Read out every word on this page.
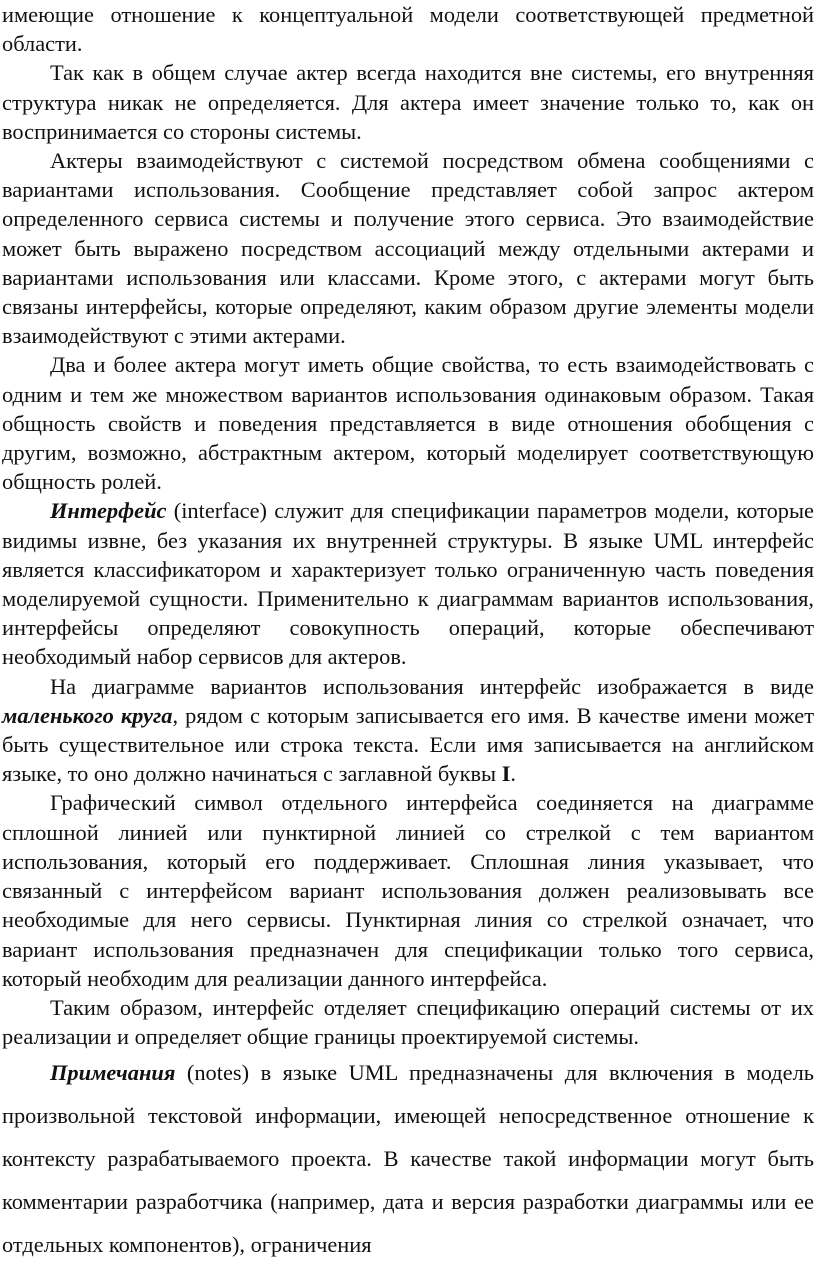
имеющие отношение к концептуальной модели соответствующей предметной области.

Так как в общем случае актер всегда находится вне системы, его внутренняя структура никак не определяется. Для актера имеет значение только то, как он воспринимается со стороны системы.

Актеры взаимодействуют с системой посредством обмена сообщениями с вариантами использования. Сообщение представляет собой запрос актером определенного сервиса системы и получение этого сервиса. Это взаимодействие может быть выражено посредством ассоциаций между отдельными актерами и вариантами использования или классами. Кроме этого, с актерами могут быть связаны интерфейсы, которые определяют, каким образом другие элементы модели взаимодействуют с этими актерами.

Два и более актера могут иметь общие свойства, то есть взаимодействовать с одним и тем же множеством вариантов использования одинаковым образом. Такая общность свойств и поведения представляется в виде отношения обобщения с другим, возможно, абстрактным актером, который моделирует соответствующую общность ролей.

Интерфейс (interface) служит для спецификации параметров модели, которые видимы извне, без указания их внутренней структуры. В языке UML интерфейс является классификатором и характеризует только ограниченную часть поведения моделируемой сущности. Применительно к диаграммам вариантов использования, интерфейсы определяют совокупность операций, которые обеспечивают необходимый набор сервисов для актеров.

На диаграмме вариантов использования интерфейс изображается в виде маленького круга, рядом с которым записывается его имя. В качестве имени может быть существительное или строка текста. Если имя записывается на английском языке, то оно должно начинаться с заглавной буквы I.

Графический символ отдельного интерфейса соединяется на диаграмме сплошной линией или пунктирной линией со стрелкой с тем вариантом использования, который его поддерживает. Сплошная линия указывает, что связанный с интерфейсом вариант использования должен реализовывать все необходимые для него сервисы. Пунктирная линия со стрелкой означает, что вариант использования предназначен для спецификации только того сервиса, который необходим для реализации данного интерфейса.

Таким образом, интерфейс отделяет спецификацию операций системы от их реализации и определяет общие границы проектируемой системы.

Примечания (notes) в языке UML предназначены для включения в модель произвольной текстовой информации, имеющей непосредственное отношение к контексту разрабатываемого проекта. В качестве такой информации могут быть комментарии разработчика (например, дата и версия разработки диаграммы или ее отдельных компонентов), ограничения
